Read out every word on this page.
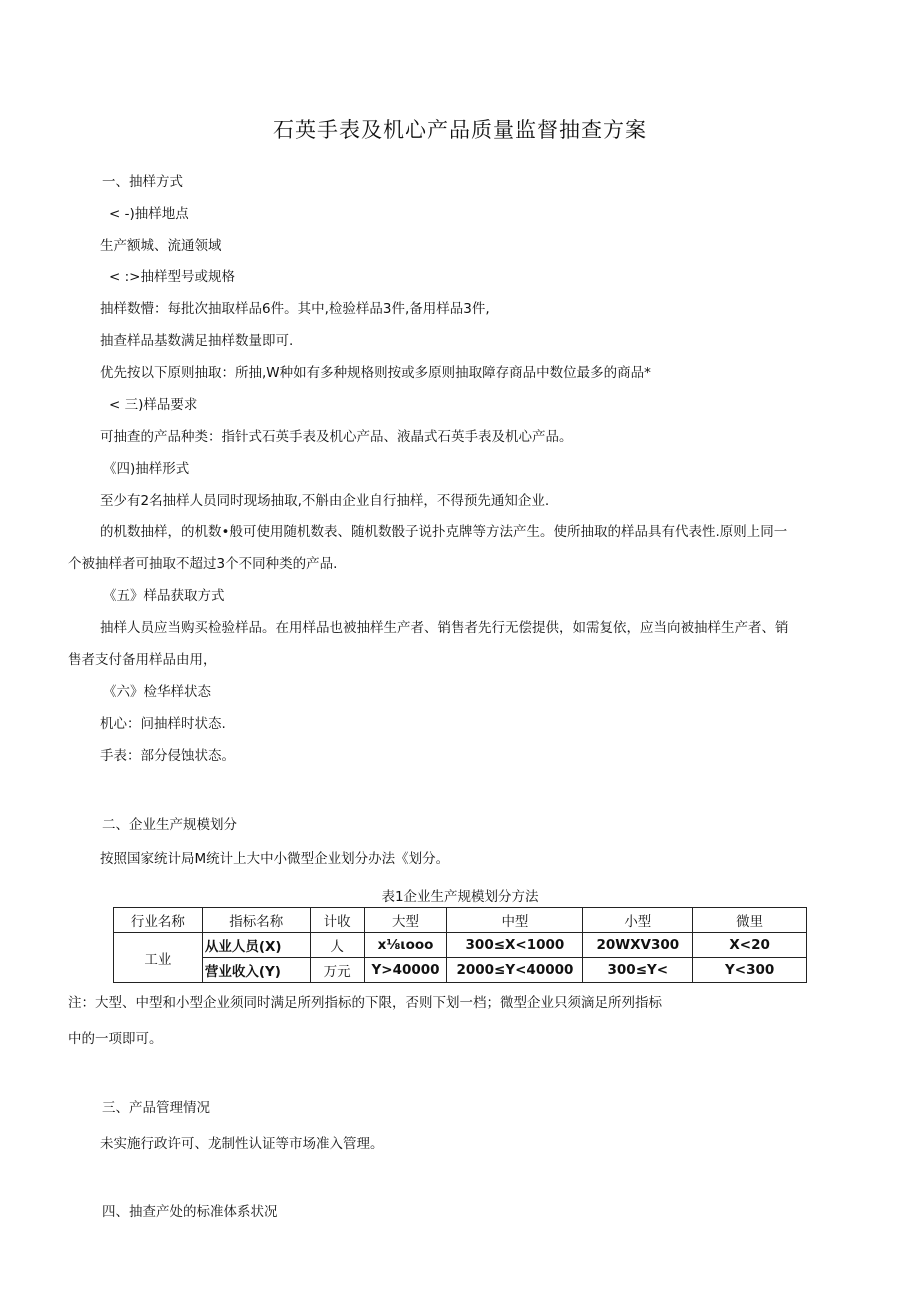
石英手表及机心产品质量监督抽查方案
一、抽样方式
< -)抽样地点
生产额城、流通领域
< :>抽样型号或规格
抽样数懵：每批次抽取样品6件。其中,检验样品3件,备用样品3件,
抽查样品基数满足抽样数量即可.
优先按以下原则抽取：所抽,W种如有多种规格则按或多原则抽取障存商品中数位最多的商品*
< 三)样品要求
可抽查的产品种类：指针式石英手表及机心产品、液晶式石英手表及机心产品。
《四)抽样形式
至少有2名抽样人员同时现场抽取,不斛由企业自行抽样，不得预先通知企业.
的机数抽样，的机数•般可使用随机数表、随机数骰子说扑克牌等方法产生。使所抽取的样品具有代表性.原则上同一
个被抽样者可抽取不超过3个不同种类的产品.
《五》样品获取方式
抽样人员应当购买检验样品。在用样品也被抽样生产者、销售者先行无偿提供，如需复依，应当向被抽样生产者、销
售者支付备用样品由用，
《六》检华样状态
机心：问抽样时状态.
手表：部分侵蚀状态。
二、企业生产规模划分
按照国家统计局M统计上大中小微型企业划分办法《划分。
表1企业生产规模划分方法
行业名称	指标名称	计收	大型	中型	小型	微里
工业	从业人员(X)	人	x⅛ιooo	300≤X<1000	20WXV300	X<20
	营业收入(Y)	万元	Y>40000	2000≤Y<40000	300≤Y<	Y<300
注：大型、中型和小型企业须同时满足所列指标的下限，否则下划一档；微型企业只须滴足所列指标
中的一项即可。
三、产品管理情况
未实施行政许可、龙制性认证等市场准入管理。
四、抽查产处的标准体系状况
